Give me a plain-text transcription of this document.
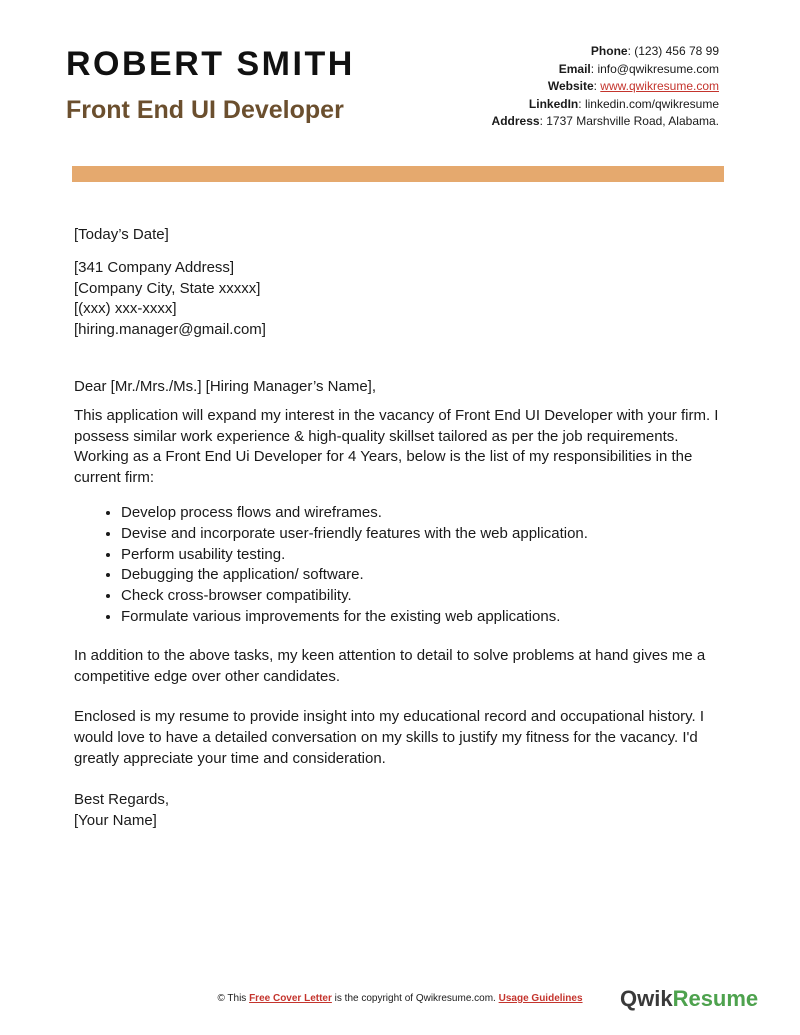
ROBERT SMITH
Front End UI Developer
Phone: (123) 456 78 99
Email: info@qwikresume.com
Website: www.qwikresume.com
LinkedIn: linkedin.com/qwikresume
Address: 1737 Marshville Road, Alabama.

[Today’s Date]

[341 Company Address]

[Company City, State xxxxx]

[(xxx) xxx-xxxx]

[hiring.manager@gmail.com]

Dear [Mr./Mrs./Ms.] [Hiring Manager’s Name],

This application will expand my interest in the vacancy of Front End UI Developer with your firm. I possess similar work experience & high-quality skillset tailored as per the job requirements. Working as a Front End Ui Developer for 4 Years, below is the list of my responsibilities in the current firm:

• Develop process flows and wireframes.
• Devise and incorporate user-friendly features with the web application.
• Perform usability testing.
• Debugging the application/ software.
• Check cross-browser compatibility.
• Formulate various improvements for the existing web applications.

In addition to the above tasks, my keen attention to detail to solve problems at hand gives me a competitive edge over other candidates.

Enclosed is my resume to provide insight into my educational record and occupational history. I would love to have a detailed conversation on my skills to justify my fitness for the vacancy. I'd greatly appreciate your time and consideration.

Best Regards,

[Your Name]

© This Free Cover Letter is the copyright of Qwikresume.com. Usage Guidelines	QwikResume
